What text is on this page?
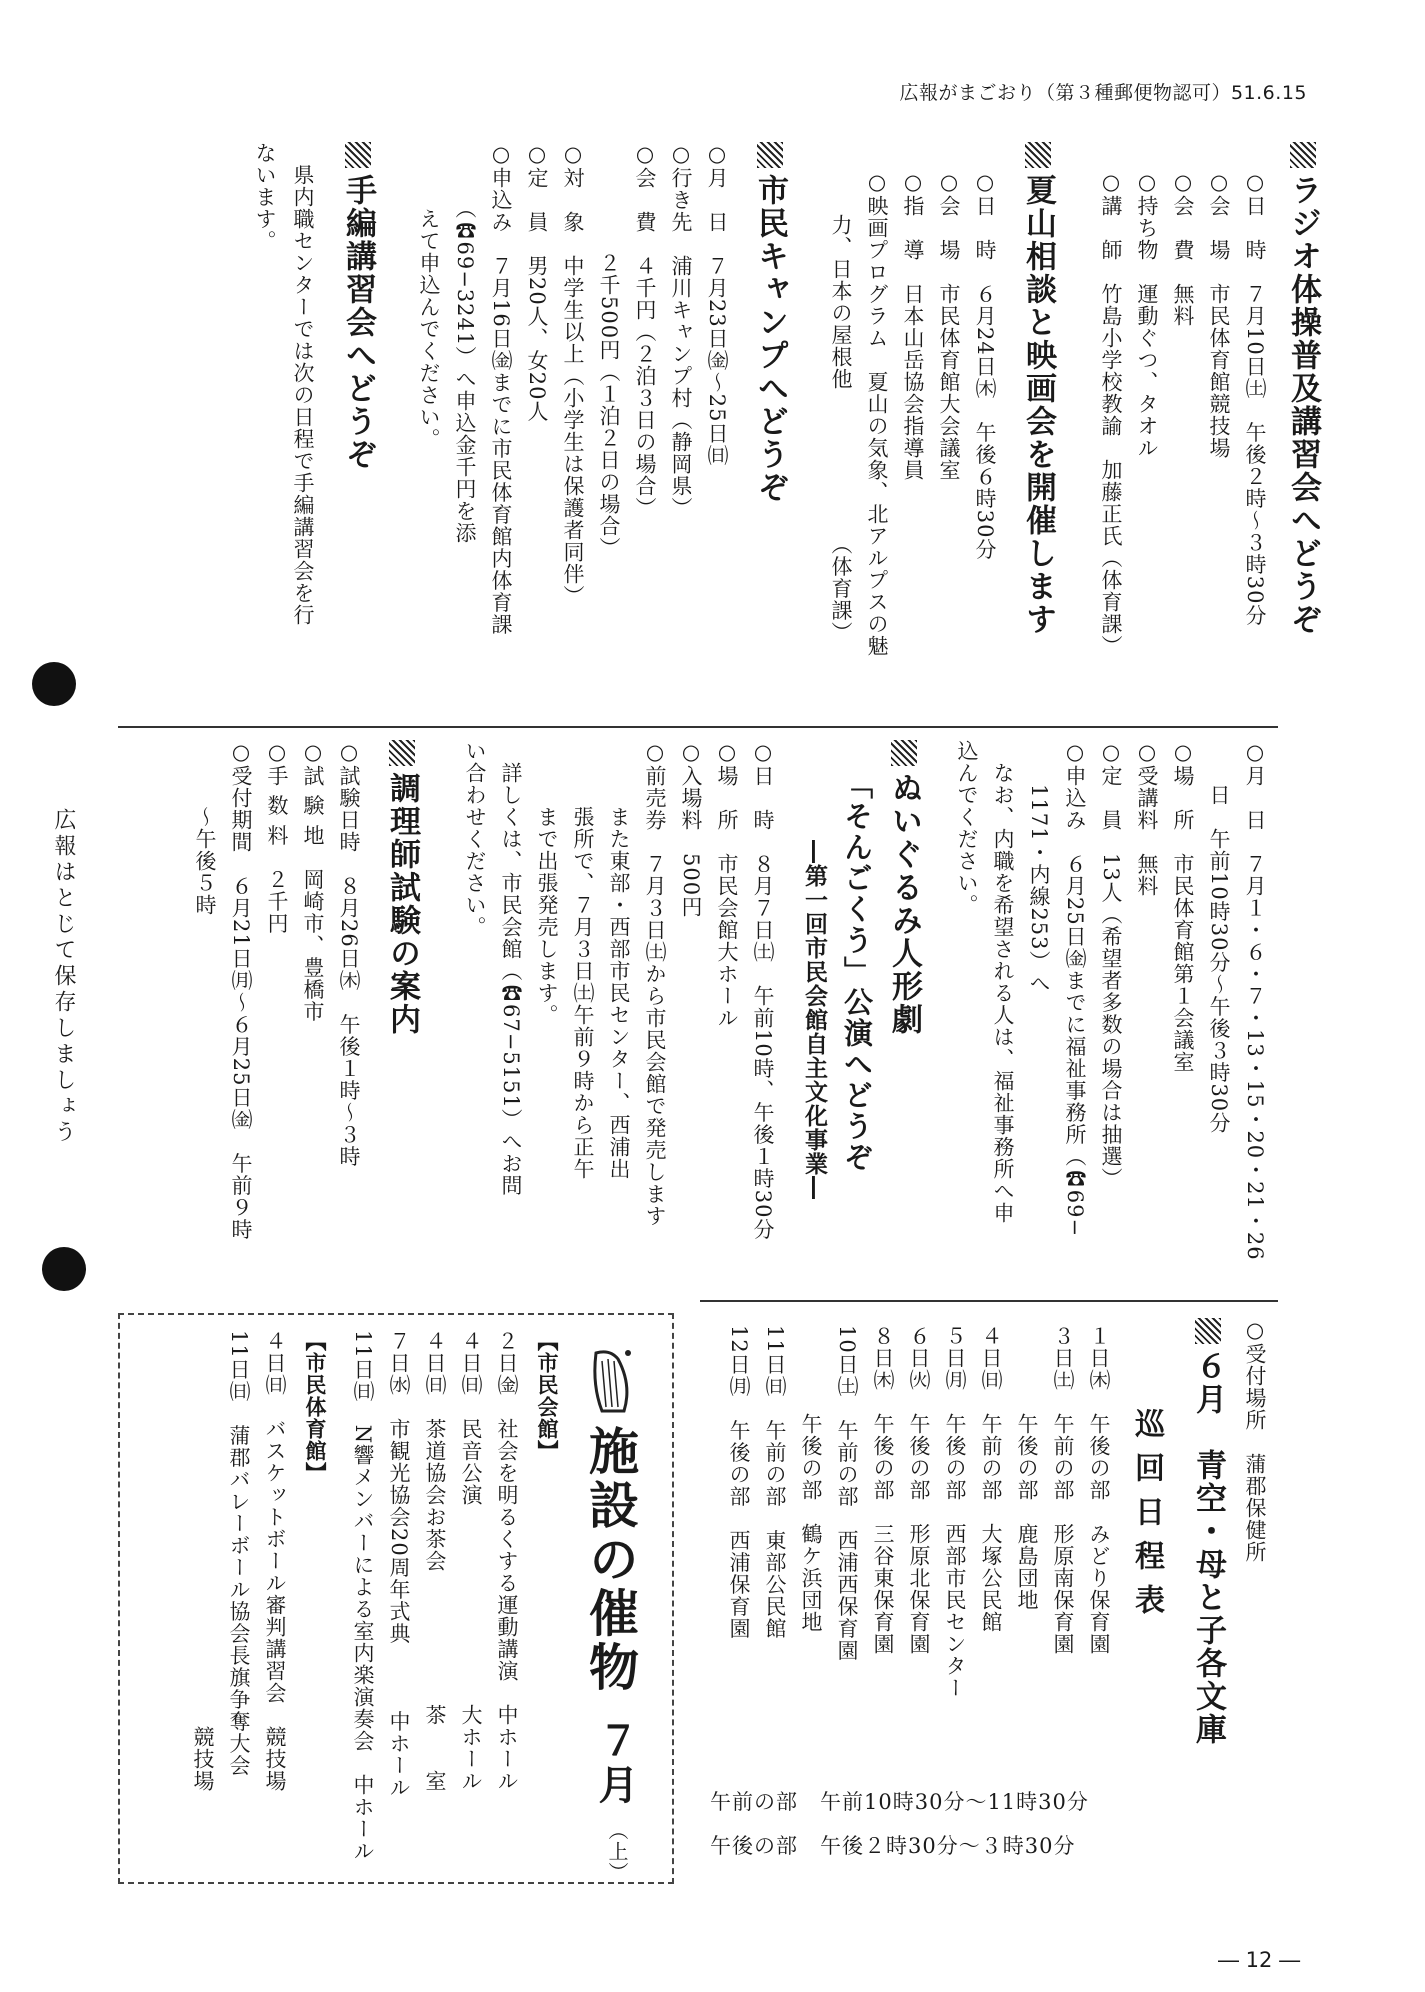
広報がまごおり（第３種郵便物認可）51.6.15
ラジオ体操普及講習会へどうぞ
○日　時　７月10日㈯　午後２時〜３時30分
○会　場　市民体育館競技場
○会　費　無料
○持ち物　運動ぐつ、タオル
○講　師　竹島小学校教諭　加藤正氏（体育課）
夏山相談と映画会を開催します
○日　時　６月24日㈭　午後６時30分
○会　場　市民体育館大会議室
○指　導　日本山岳協会指導員
○映画プログラム　夏山の気象、北アルプスの魅
　　力、日本の屋根他　　　　　　　（体育課）
市民キャンプへどうぞ
○月　日　７月23日㈮〜25日㈰
○行き先　浦川キャンプ村（静岡県）
○会　費　４千円（２泊３日の場合）
　　　　　２千500円（１泊２日の場合）
○対　象　中学生以上（小学生は保護者同伴）
○定　員　男20人、女20人
○申込み　７月16日㈮までに市民体育館内体育課
　　　（☎69−3241）へ申込金千円を添
　　　えて申込んでください。
手編講習会へどうぞ
　県内職センターでは次の日程で手編講習会を行
ないます。
○月　日　７月１・６・７・13・15・20・21・26
　　日　午前10時30分〜午後３時30分
○場　所　市民体育館第１会議室
○受講料　無料
○定　員　13人（希望者多数の場合は抽選）
○申込み　６月25日㈮までに福祉事務所（☎69−
　　1171・内線253）へ
　なお、内職を希望される人は、福祉事務所へ申
込んでください。
ぬいぐるみ人形劇
「そんごくう」公演へどうぞ
―第一回市民会館自主文化事業―
○日　時　８月７日㈯　午前10時、午後１時30分
○場　所　市民会館大ホール
○入場料　500円
○前売券　７月３日㈯から市民会館で発売します
　　　また東部・西部市民センター、西浦出
　　　張所で、７月３日㈯午前９時から正午
　　　まで出張発売します。
　詳しくは、市民会館（☎67−5151）へお問
い合わせください。
調理師試験の案内
○試験日時　８月26日㈭　午後１時〜３時
○試 験 地　岡崎市、豊橋市
○手 数 料　２千円
○受付期間　６月21日㈪〜６月25日㈮　午前９時
　　　〜午後５時
○受付場所　蒲郡保健所
広報はとじて保存しましょう
６月　青空・母と子各文庫
巡回日程表
１日㈭　午後の部　みどり保育園
３日㈯　午前の部　形原南保育園
　　　　午後の部　鹿島団地
４日㈰　午前の部　大塚公民館
５日㈪　午後の部　西部市民センター
６日㈫　午後の部　形原北保育園
８日㈭　午後の部　三谷東保育園
10日㈯　午前の部　西浦西保育園
　　　　午後の部　鶴ケ浜団地
11日㈰　午前の部　東部公民館
12日㈪　午後の部　西浦保育園
午前の部　午前10時30分〜11時30分
午後の部　午後２時30分〜３時30分
施設の催物
７月
（上）
【市民会館】
２日㈮　社会を明るくする運動講演　中ホール
４日㈰　民音公演　　　　　　　　　大ホール
４日㈰　茶道協会お茶会　　　　　　茶　　室
７日㈬　市観光協会20周年式典　　　中ホール
11日㈰　N響メンバーによる室内楽演奏会　中ホール
【市民体育館】
４日㈰　バスケットボール審判講習会　競技場
11日㈰　蒲郡バレーボール協会長旗争奪大会
　　　　　　　　　　　　　　　　　　競技場
― 12 ―
